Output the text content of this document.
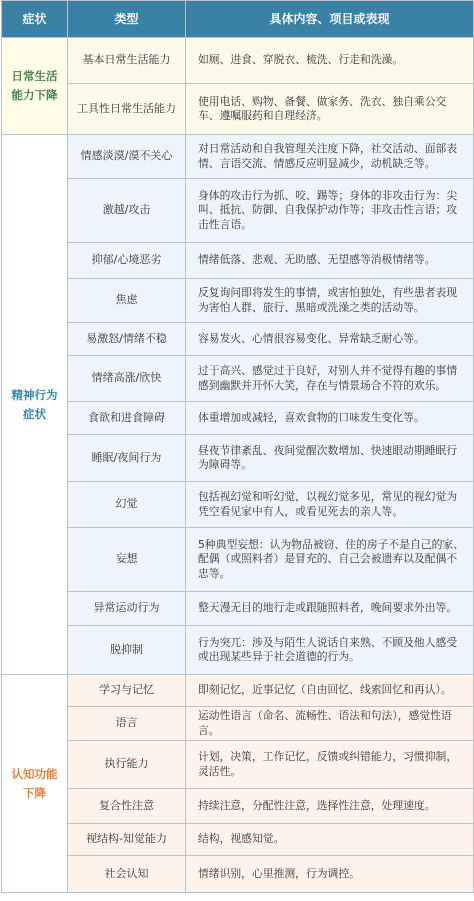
症状	类型	具体内容、项目或表现
日常生活能力下降	基本日常生活能力	如厕、进食、穿脱衣、梳洗、行走和洗澡。
	工具性日常生活能力	使用电话、购物、备餐、做家务、洗衣、独自乘公交车、遵嘱服药和自理经济。
精神行为症状	情感淡漠/漠不关心	对日常活动和自我管理关注度下降，社交活动、面部表情、言语交流、情感反应明显减少，动机缺乏等。
	激越/攻击	身体的攻击行为抓、咬、踢等；身体的非攻击行为：尖叫、抵抗、防御、自我保护动作等；非攻击性言语；攻击性言语。
	抑郁/心境恶劣	情绪低落、悲观、无助感、无望感等消极情绪等。
	焦虑	反复询问即将发生的事情，或害怕独处，有些患者表现为害怕人群、旅行、黑暗或洗澡之类的活动等。
	易激怒/情绪不稳	容易发火、心情很容易变化、异常缺乏耐心等。
	情绪高涨/欣快	过于高兴、感觉过于良好，对别人并不觉得有趣的事情感到幽默并开怀大笑，存在与情景场合不符的欢乐。
	食欲和进食障碍	体重增加或减轻，喜欢食物的口味发生变化等。
	睡眠/夜间行为	昼夜节律紊乱、夜间觉醒次数增加、快速眼动期睡眠行为障碍等。
	幻觉	包括视幻觉和听幻觉，以视幻觉多见，常见的视幻觉为凭空看见家中有人，或看见死去的亲人等。
	妄想	5种典型妄想：认为物品被窃、住的房子不是自己的家、配偶（或照料者）是冒充的、自己会被遗弃以及配偶不忠等。
	异常运动行为	整天漫无目的地行走或跟随照料者，晚间要求外出等。
	脱抑制	行为突兀：涉及与陌生人说话自来熟、不顾及他人感受或出现某些异于社会道德的行为。
认知功能下降	学习与记忆	即刻记忆，近事记忆（自由回忆、线索回忆和再认）。
	语言	运动性语言（命名、流畅性、语法和句法），感觉性语言。
	执行能力	计划，决策，工作记忆，反馈或纠错能力，习惯抑制，灵活性。
	复合性注意	持续注意，分配性注意，选择性注意，处理速度。
	视结构-知觉能力	结构，视感知觉。
	社会认知	情绪识别，心里推测，行为调控。
